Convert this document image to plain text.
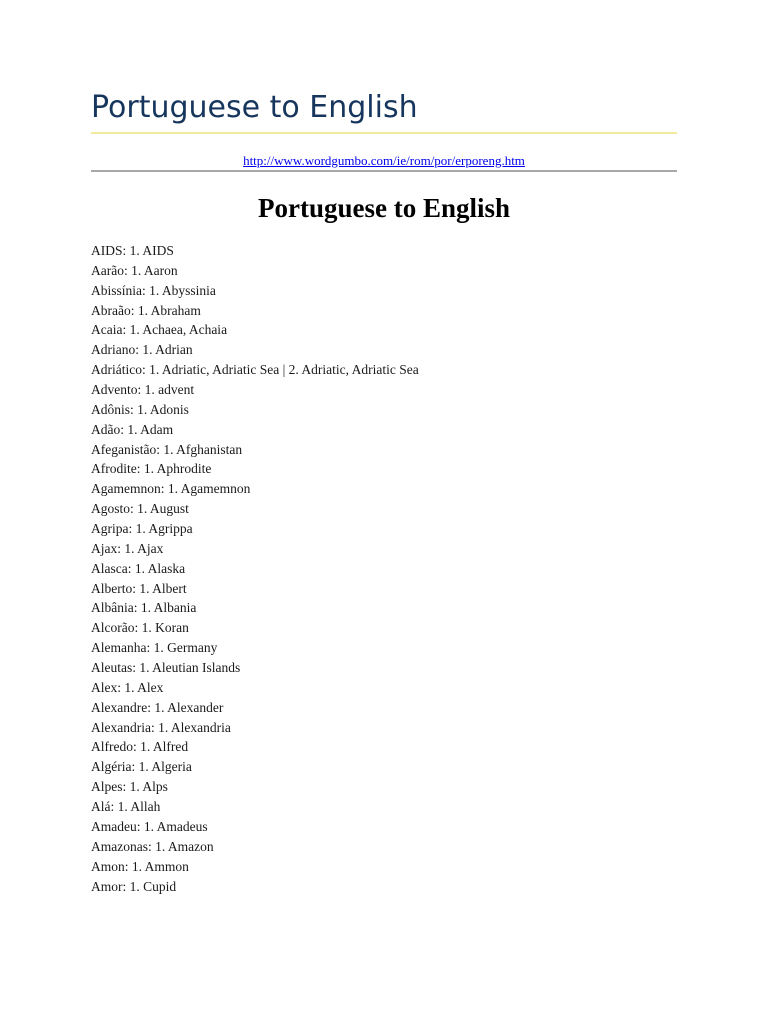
Portuguese to English
http://www.wordgumbo.com/ie/rom/por/erporeng.htm
Portuguese to English
AIDS: 1. AIDS
Aarão: 1. Aaron
Abissínia: 1. Abyssinia
Abraão: 1. Abraham
Acaia: 1. Achaea, Achaia
Adriano: 1. Adrian
Adriático: 1. Adriatic, Adriatic Sea | 2. Adriatic, Adriatic Sea
Advento: 1. advent
Adônis: 1. Adonis
Adão: 1. Adam
Afeganistão: 1. Afghanistan
Afrodite: 1. Aphrodite
Agamemnon: 1. Agamemnon
Agosto: 1. August
Agripa: 1. Agrippa
Ajax: 1. Ajax
Alasca: 1. Alaska
Alberto: 1. Albert
Albânia: 1. Albania
Alcorão: 1. Koran
Alemanha: 1. Germany
Aleutas: 1. Aleutian Islands
Alex: 1. Alex
Alexandre: 1. Alexander
Alexandria: 1. Alexandria
Alfredo: 1. Alfred
Algéria: 1. Algeria
Alpes: 1. Alps
Alá: 1. Allah
Amadeu: 1. Amadeus
Amazonas: 1. Amazon
Amon: 1. Ammon
Amor: 1. Cupid
